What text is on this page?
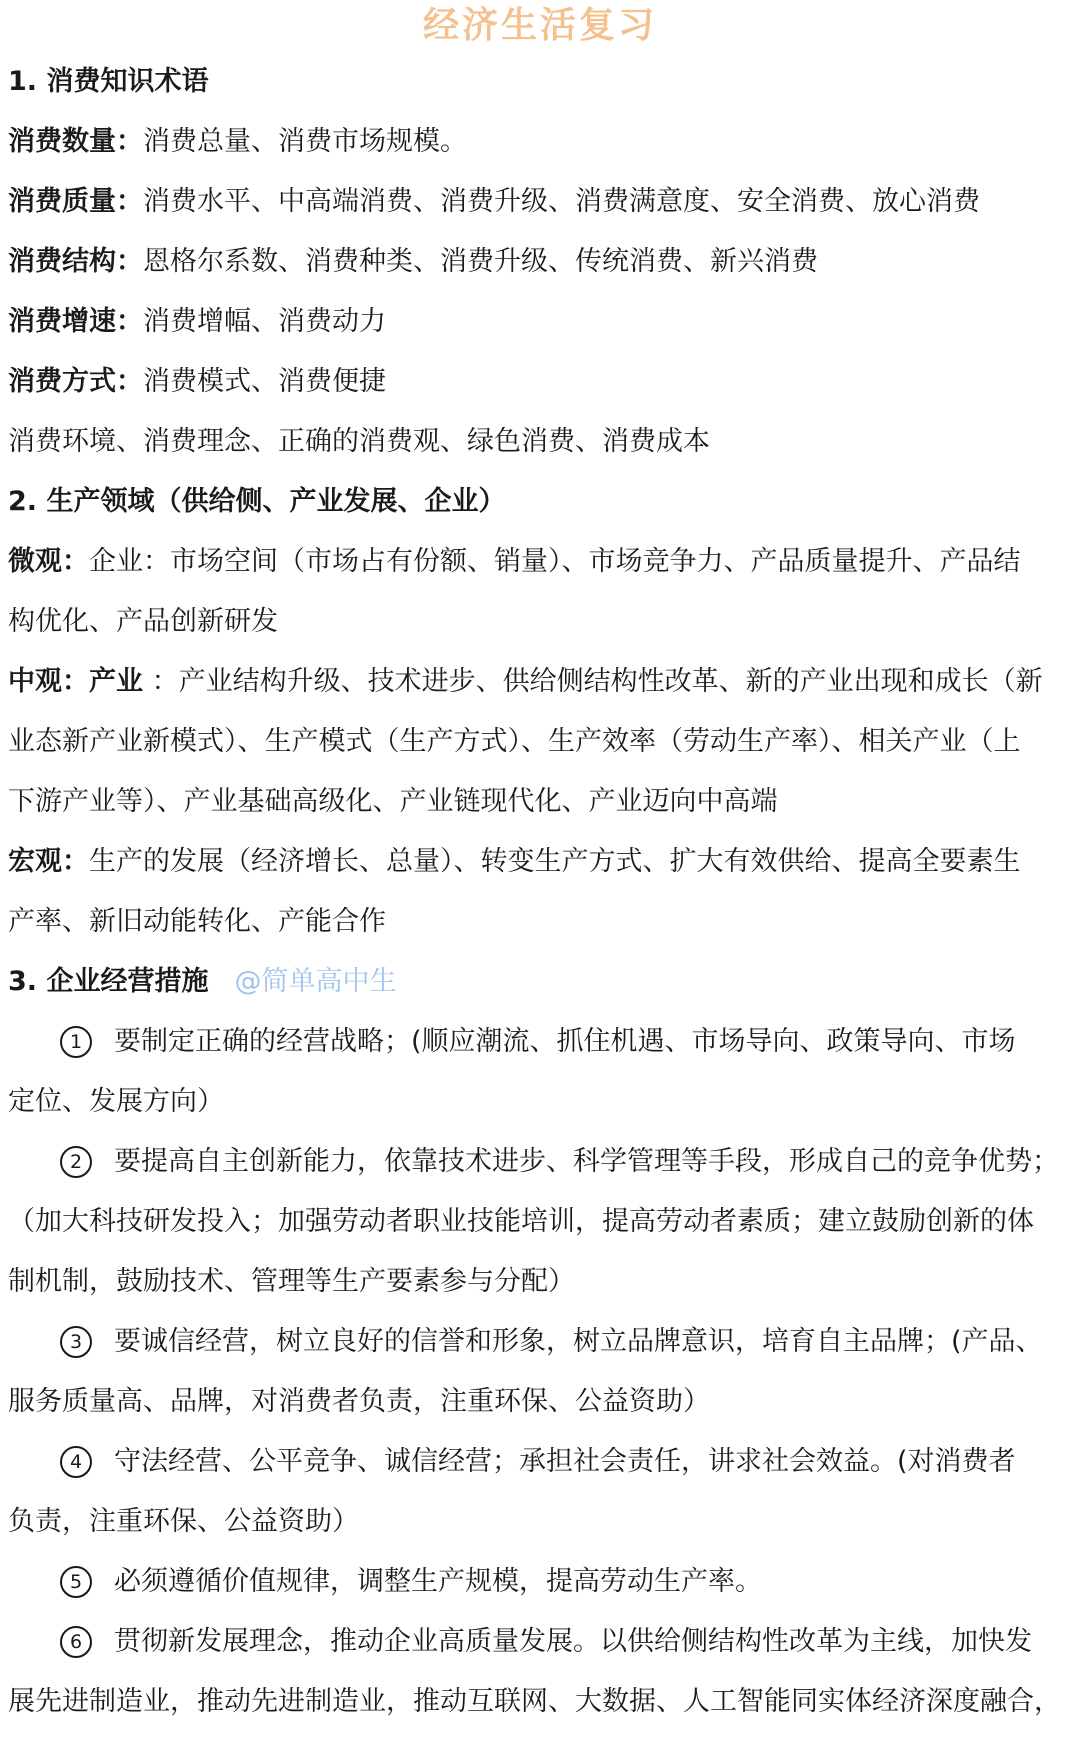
经济生活复习
1. 消费知识术语
消费数量：消费总量、消费市场规模。
消费质量：消费水平、中高端消费、消费升级、消费满意度、安全消费、放心消费
消费结构：恩格尔系数、消费种类、消费升级、传统消费、新兴消费
消费增速：消费增幅、消费动力
消费方式：消费模式、消费便捷
消费环境、消费理念、正确的消费观、绿色消费、消费成本
2. 生产领域（供给侧、产业发展、企业）
微观：企业：市场空间（市场占有份额、销量）、市场竞争力、产品质量提升、产品结
构优化、产品创新研发
中观：产业 ：产业结构升级、技术进步、供给侧结构性改革、新的产业出现和成长（新
业态新产业新模式）、生产模式（生产方式）、生产效率（劳动生产率）、相关产业（上
下游产业等）、产业基础高级化、产业链现代化、产业迈向中高端
宏观：生产的发展（经济增长、总量）、转变生产方式、扩大有效供给、提高全要素生
产率、新旧动能转化、产能合作
3. 企业经营措施 @简单高中生
1 要制定正确的经营战略；(顺应潮流、抓住机遇、市场导向、政策导向、市场
定位、发展方向）
2 要提高自主创新能力，依靠技术进步、科学管理等手段，形成自己的竞争优势；
（加大科技研发投入；加强劳动者职业技能培训，提高劳动者素质；建立鼓励创新的体
制机制，鼓励技术、管理等生产要素参与分配）
3 要诚信经营，树立良好的信誉和形象，树立品牌意识，培育自主品牌；(产品、
服务质量高、品牌，对消费者负责，注重环保、公益资助）
4 守法经营、公平竞争、诚信经营；承担社会责任，讲求社会效益。(对消费者
负责，注重环保、公益资助）
5 必须遵循价值规律，调整生产规模，提高劳动生产率。
6 贯彻新发展理念，推动企业高质量发展。以供给侧结构性改革为主线，加快发
展先进制造业，推动先进制造业，推动互联网、大数据、人工智能同实体经济深度融合，
